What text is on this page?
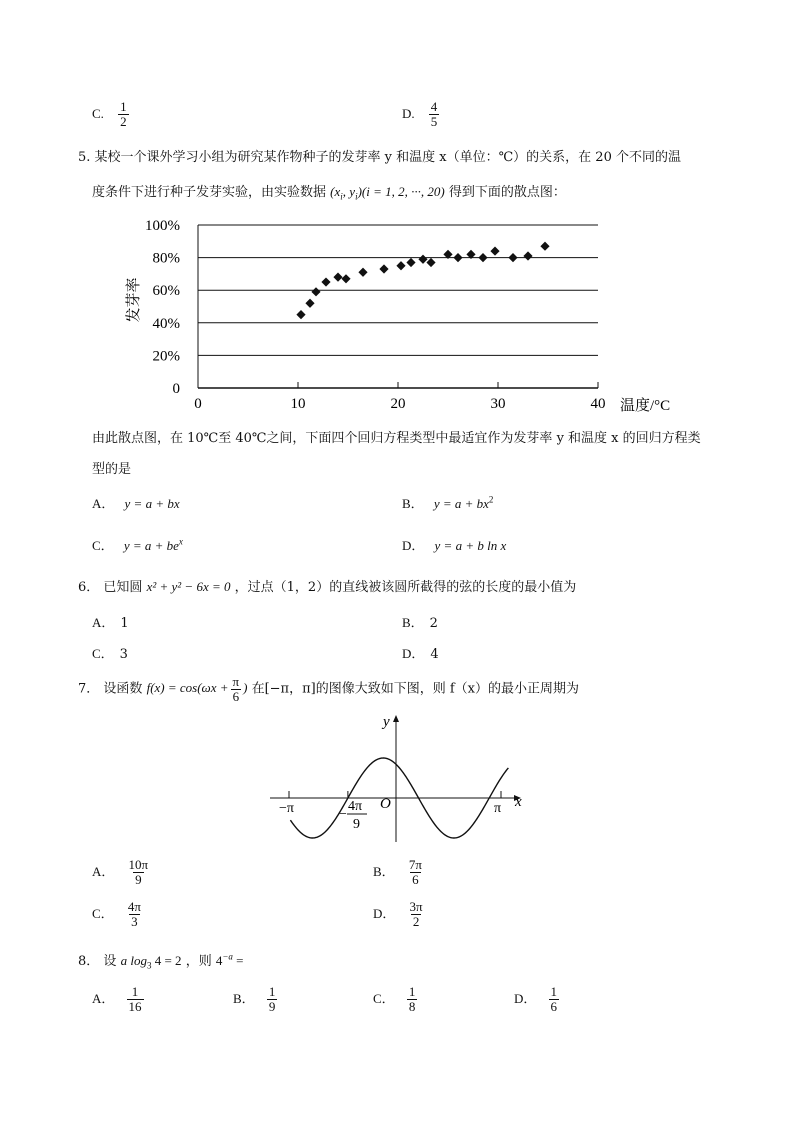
C. $\frac{1}{2}$	D. $\frac{4}{5}$
5. 某校一个课外学习小组为研究某作物种子的发芽率 y 和温度 x（单位：℃）的关系，在 20 个不同的温
度条件下进行种子发芽实验，由实验数据 ($x_i$, $y_i)(i = 1$, 2, ···, 20) 得到下面的散点图：
0
20%
40%
60%
80%
100%
0	10	20	30	40
发芽率
温度/°C
由此散点图，在 10℃至 40℃之间，下面四个回归方程类型中最适宜作为发芽率 y 和温度 x 的回归方程类
型的是
A． y = a + bx	B． $y = a + bx^2$
C． $y = a + be^x$	D． y = a + b ln x
6． 已知圆 x² + y² − 6x = 0 ，过点（1，2）的直线被该圆所截得的弦的长度的最小值为
A． 1	B． 2
C． 3	D． 4
7． 设函数 $f(x) = \cos(\omega x + \frac{\pi}{6}$ ) 在[−π，π]的图像大致如下图，则 f（x）的最小正周期为
−π	π
−
4π
9
O	x
y
A． $\frac{10\pi}{9}$	B． $\frac{7\pi}{6}$
C． $\frac{4\pi}{3}$	D． $\frac{3\pi}{2}$
8． 设 a $\log_3 4 = 2$ ，则 $4^{-a}$ =
A． $\frac{1}{16}$	B． $\frac{1}{9}$	C． $\frac{1}{8}$	D． $\frac{1}{6}$
